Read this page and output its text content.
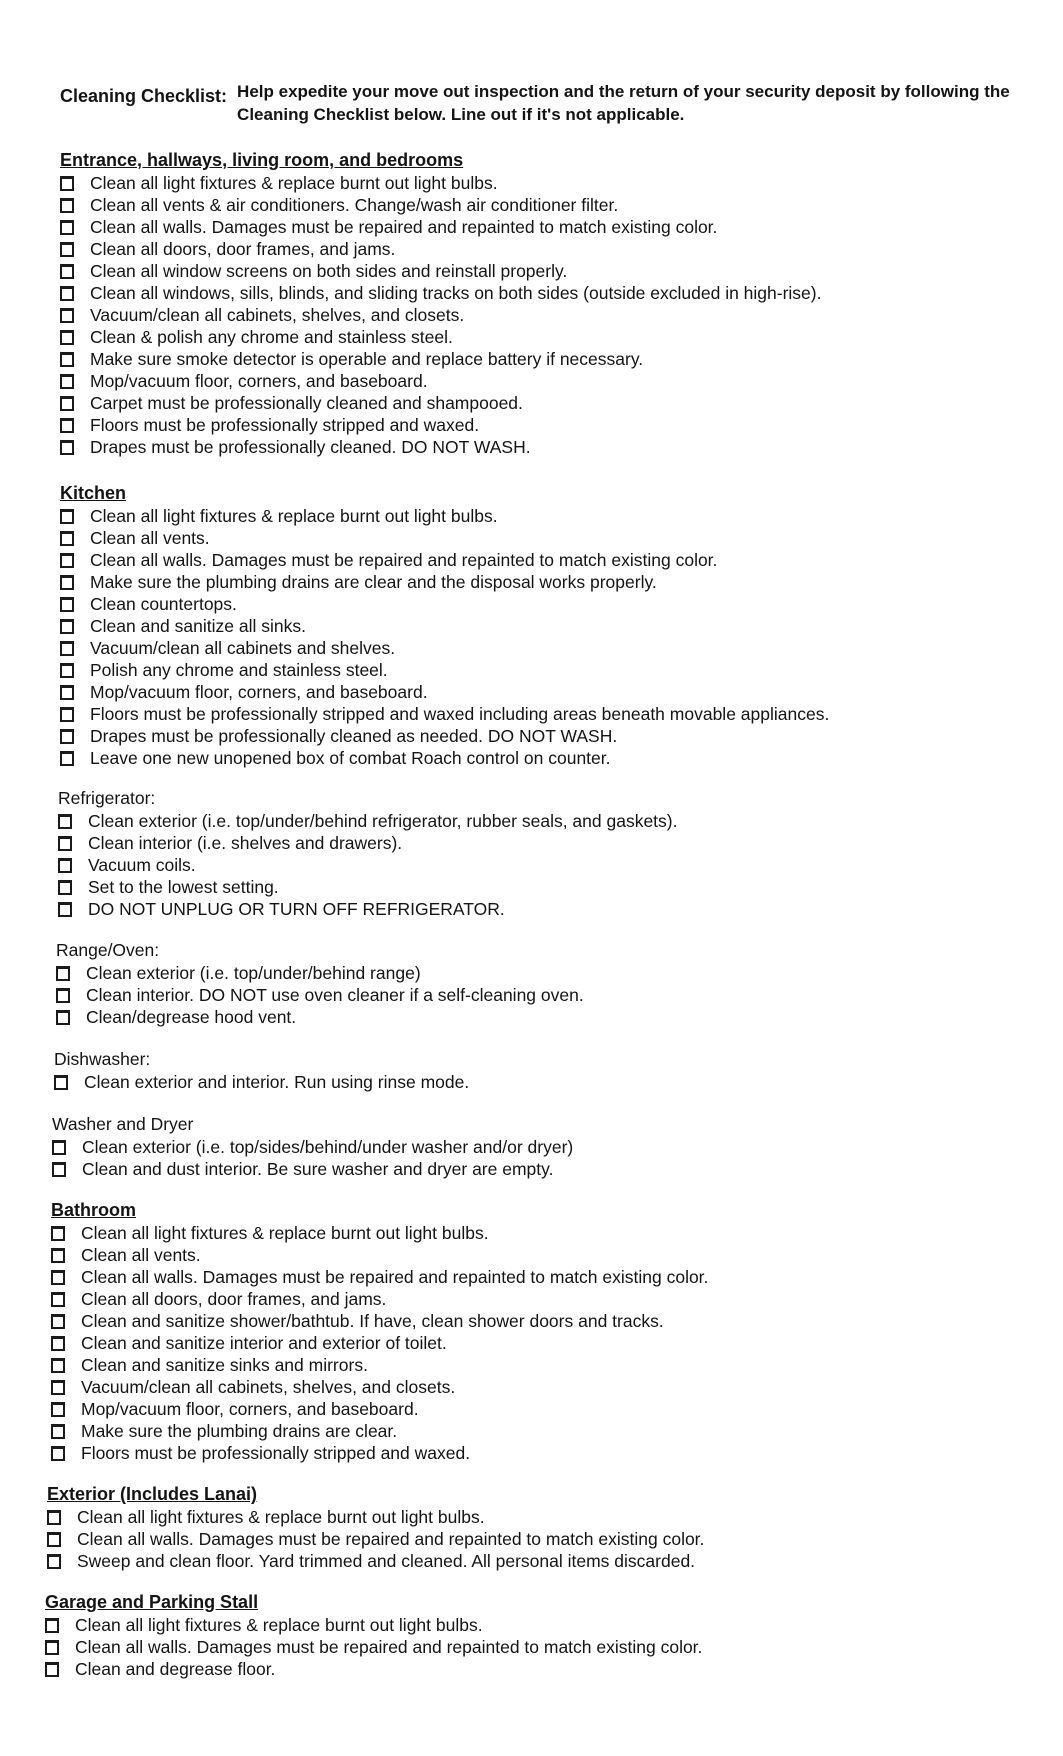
Cleaning Checklist: Help expedite your move out inspection and the return of your security deposit by following the Cleaning Checklist below. Line out if it's not applicable.
Entrance, hallways, living room, and bedrooms
Clean all light fixtures & replace burnt out light bulbs.
Clean all vents & air conditioners. Change/wash air conditioner filter.
Clean all walls. Damages must be repaired and repainted to match existing color.
Clean all doors, door frames, and jams.
Clean all window screens on both sides and reinstall properly.
Clean all windows, sills, blinds, and sliding tracks on both sides (outside excluded in high-rise).
Vacuum/clean all cabinets, shelves, and closets.
Clean & polish any chrome and stainless steel.
Make sure smoke detector is operable and replace battery if necessary.
Mop/vacuum floor, corners, and baseboard.
Carpet must be professionally cleaned and shampooed.
Floors must be professionally stripped and waxed.
Drapes must be professionally cleaned. DO NOT WASH.
Kitchen
Clean all light fixtures & replace burnt out light bulbs.
Clean all vents.
Clean all walls. Damages must be repaired and repainted to match existing color.
Make sure the plumbing drains are clear and the disposal works properly.
Clean countertops.
Clean and sanitize all sinks.
Vacuum/clean all cabinets and shelves.
Polish any chrome and stainless steel.
Mop/vacuum floor, corners, and baseboard.
Floors must be professionally stripped and waxed including areas beneath movable appliances.
Drapes must be professionally cleaned as needed. DO NOT WASH.
Leave one new unopened box of combat Roach control on counter.
Refrigerator:
Clean exterior (i.e. top/under/behind refrigerator, rubber seals, and gaskets).
Clean interior (i.e. shelves and drawers).
Vacuum coils.
Set to the lowest setting.
DO NOT UNPLUG OR TURN OFF REFRIGERATOR.
Range/Oven:
Clean exterior (i.e. top/under/behind range)
Clean interior. DO NOT use oven cleaner if a self-cleaning oven.
Clean/degrease hood vent.
Dishwasher:
Clean exterior and interior. Run using rinse mode.
Washer and Dryer
Clean exterior (i.e. top/sides/behind/under washer and/or dryer)
Clean and dust interior. Be sure washer and dryer are empty.
Bathroom
Clean all light fixtures & replace burnt out light bulbs.
Clean all vents.
Clean all walls. Damages must be repaired and repainted to match existing color.
Clean all doors, door frames, and jams.
Clean and sanitize shower/bathtub. If have, clean shower doors and tracks.
Clean and sanitize interior and exterior of toilet.
Clean and sanitize sinks and mirrors.
Vacuum/clean all cabinets, shelves, and closets.
Mop/vacuum floor, corners, and baseboard.
Make sure the plumbing drains are clear.
Floors must be professionally stripped and waxed.
Exterior (Includes Lanai)
Clean all light fixtures & replace burnt out light bulbs.
Clean all walls. Damages must be repaired and repainted to match existing color.
Sweep and clean floor. Yard trimmed and cleaned. All personal items discarded.
Garage and Parking Stall
Clean all light fixtures & replace burnt out light bulbs.
Clean all walls. Damages must be repaired and repainted to match existing color.
Clean and degrease floor.
